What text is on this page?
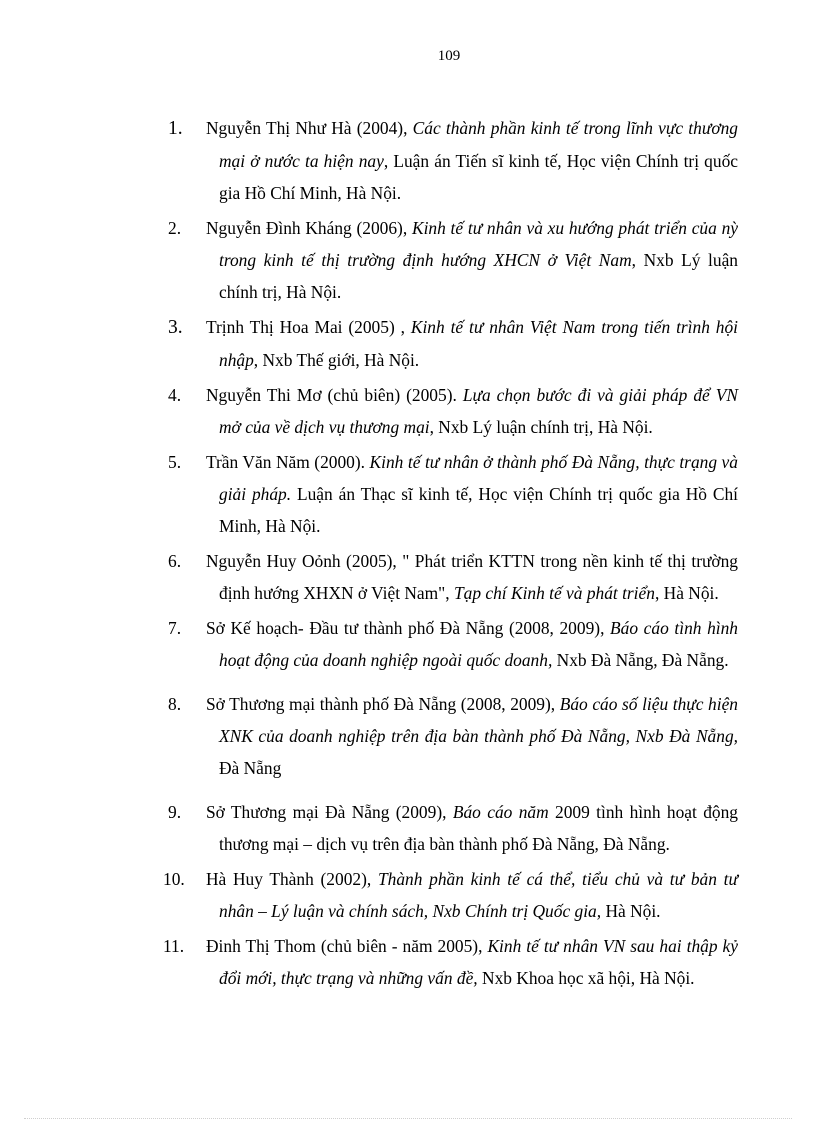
109
1. Nguyễn Thị Như Hà (2004), Các thành phần kinh tế trong lĩnh vực thương mại ở nước ta hiện nay, Luận án Tiến sĩ kinh tế, Học viện Chính trị quốc gia Hồ Chí Minh, Hà Nội.
2. Nguyễn Đình Kháng (2006), Kinh tế tư nhân và xu hướng phát triển của nỳ trong kinh tế thị trường định hướng XHCN ở Việt Nam, Nxb Lý luận chính trị, Hà Nội.
3. Trịnh Thị Hoa Mai (2005) , Kinh tế tư nhân Việt Nam trong tiến trình hội nhập, Nxb Thế giới, Hà Nội.
4. Nguyễn Thi Mơ (chủ biên) (2005). Lựa chọn bước đi và giải pháp để VN mở của về dịch vụ thương mại, Nxb Lý luận chính trị, Hà Nội.
5. Trần Văn Năm (2000). Kinh tế tư nhân ở thành phố Đà Nẵng, thực trạng và giải pháp. Luận án Thạc sĩ kinh tế, Học viện Chính trị quốc gia Hồ Chí Minh, Hà Nội.
6. Nguyễn Huy Oỏnh (2005), " Phát triển KTTN trong nền kinh tế thị trường định hướng XHXN ở Việt Nam", Tạp chí Kinh tế và phát triển, Hà Nội.
7. Sở Kế hoạch- Đầu tư thành phố Đà Nẵng (2008, 2009), Báo cáo tình hình hoạt động của doanh nghiệp ngoài quốc doanh, Nxb Đà Nẵng, Đà Nẵng.
8. Sở Thương mại thành phố Đà Nẵng (2008, 2009), Báo cáo số liệu thực hiện XNK của doanh nghiệp trên địa bàn thành phố Đà Nẵng, Nxb Đà Nẵng, Đà Nẵng
9. Sở Thương mại Đà Nẵng (2009), Báo cáo năm 2009 tình hình hoạt động thương mại – dịch vụ trên địa bàn thành phố Đà Nẵng, Đà Nẵng.
10. Hà Huy Thành (2002), Thành phần kinh tế cá thể, tiểu chủ và tư bản tư nhân – Lý luận và chính sách, Nxb Chính trị Quốc gia, Hà Nội.
11. Đinh Thị Thom (chủ biên - năm 2005), Kinh tế tư nhân VN sau hai thập kỷ đổi mới, thực trạng và những vấn đề, Nxb Khoa học xã hội, Hà Nội.
